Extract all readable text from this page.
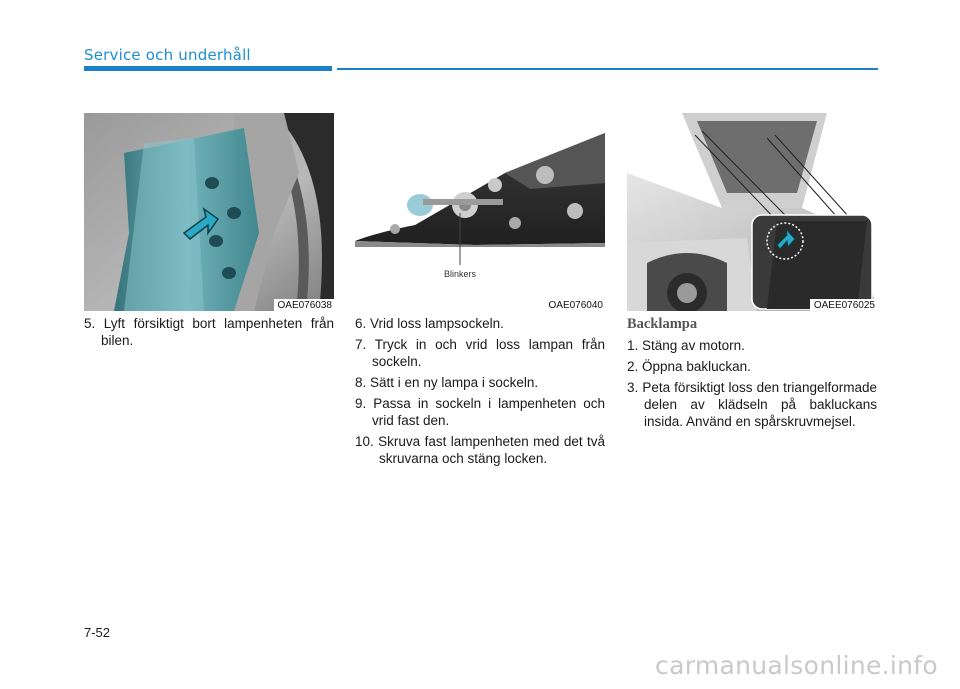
Service och underhåll
OAE076038
Blinkers
OAE076040	OAEE076025
5. Lyft försiktigt bort lampenheten från bilen.
6. Vrid loss lampsockeln.
7. Tryck in och vrid loss lampan från sockeln.
8. Sätt i en ny lampa i sockeln.
9. Passa in sockeln i lampenheten och vrid fast den.
10. Skruva fast lampenheten med det två skruvarna och stäng locken.
Backlampa
1. Stäng av motorn.
2. Öppna bakluckan.
3. Peta försiktigt loss den triangelformade delen av klädseln på bakluckans insida. Använd en spårskruvmejsel.
7-52
carmanualsonline.info
